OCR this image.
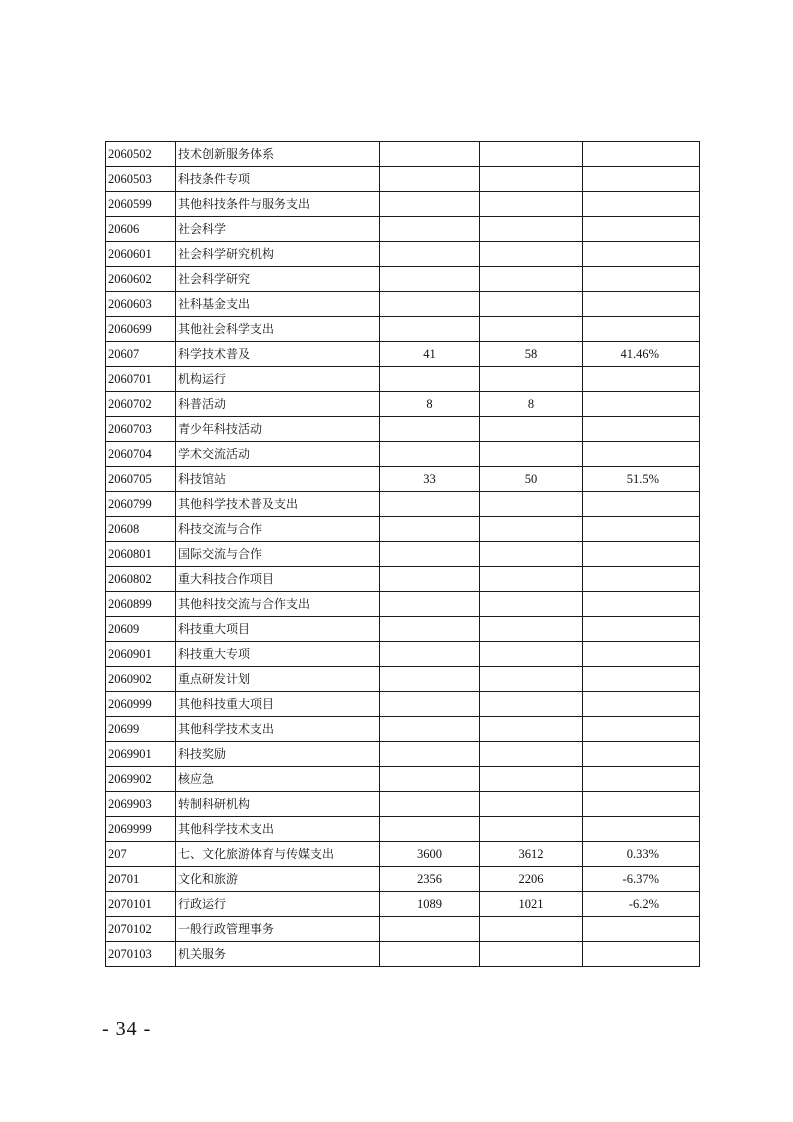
2060502	技术创新服务体系			
2060503	科技条件专项			
2060599	其他科技条件与服务支出			
20606	社会科学			
2060601	社会科学研究机构			
2060602	社会科学研究			
2060603	社科基金支出			
2060699	其他社会科学支出			
20607	科学技术普及	41	58	41.46%
2060701	机构运行			
2060702	科普活动	8	8	
2060703	青少年科技活动			
2060704	学术交流活动			
2060705	科技馆站	33	50	51.5%
2060799	其他科学技术普及支出			
20608	科技交流与合作			
2060801	国际交流与合作			
2060802	重大科技合作项目			
2060899	其他科技交流与合作支出			
20609	科技重大项目			
2060901	科技重大专项			
2060902	重点研发计划			
2060999	其他科技重大项目			
20699	其他科学技术支出			
2069901	科技奖励			
2069902	核应急			
2069903	转制科研机构			
2069999	其他科学技术支出			
207	七、文化旅游体育与传媒支出	3600	3612	0.33%
20701	文化和旅游	2356	2206	-6.37%
2070101	行政运行	1089	1021	-6.2%
2070102	一般行政管理事务			
2070103	机关服务			
- 34 -
